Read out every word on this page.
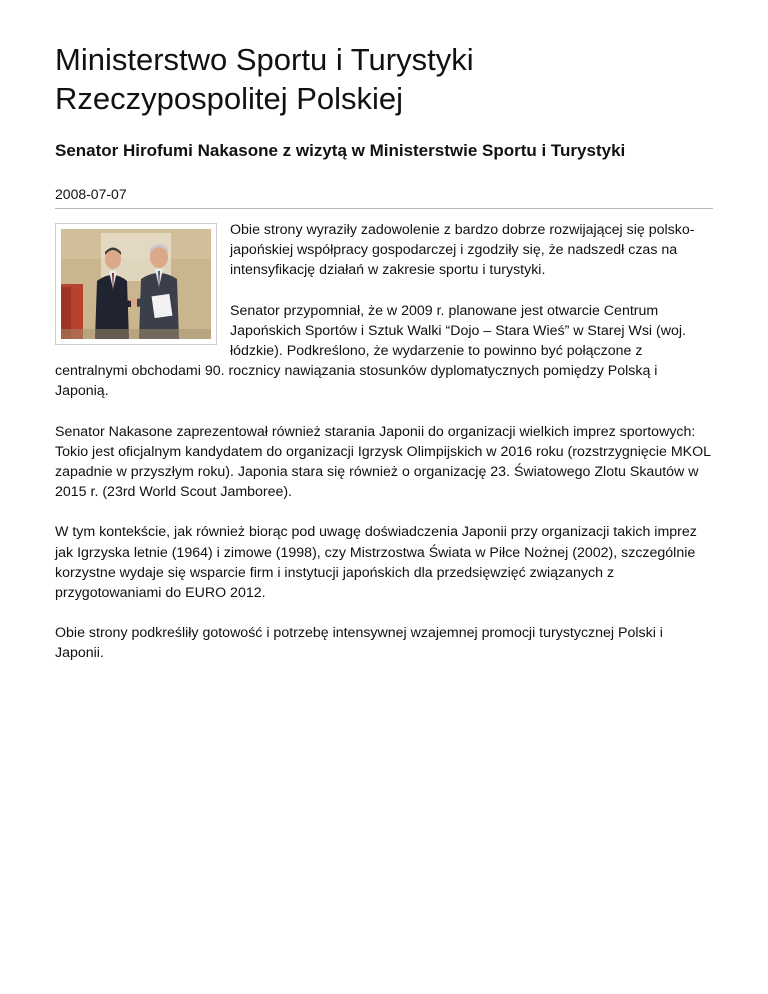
Ministerstwo Sportu i Turystyki
Rzeczypospolitej Polskiej
Senator Hirofumi Nakasone z wizytą w Ministerstwie Sportu i Turystyki
2008-07-07

Obie strony wyraziły zadowolenie z bardzo dobrze rozwijającej się polsko-japońskiej współpracy gospodarczej i zgodziły się, że nadszedł czas na intensyfikację działań w zakresie sportu i turystyki.

Senator przypomniał, że w 2009 r. planowane jest otwarcie Centrum Japońskich Sportów i Sztuk Walki “Dojo – Stara Wieś” w Starej Wsi (woj. łódzkie). Podkreślono, że wydarzenie to powinno być połączone z centralnymi obchodami 90. rocznicy nawiązania stosunków dyplomatycznych pomiędzy Polską i Japonią.

Senator Nakasone zaprezentował również starania Japonii do organizacji wielkich imprez sportowych: Tokio jest oficjalnym kandydatem do organizacji Igrzysk Olimpijskich w 2016 roku (rozstrzygnięcie MKOL zapadnie w przyszłym roku). Japonia stara się również o organizację 23. Światowego Zlotu Skautów w 2015 r. (23rd World Scout Jamboree).

W tym kontekście, jak również biorąc pod uwagę doświadczenia Japonii przy organizacji takich imprez jak Igrzyska letnie (1964) i zimowe (1998), czy Mistrzostwa Świata w Piłce Nożnej (2002), szczególnie korzystne wydaje się wsparcie firm i instytucji japońskich dla przedsięwzięć związanych z przygotowaniami do EURO 2012.

Obie strony podkreśliły gotowość i potrzebę intensywnej wzajemnej promocji turystycznej Polski i Japonii.
